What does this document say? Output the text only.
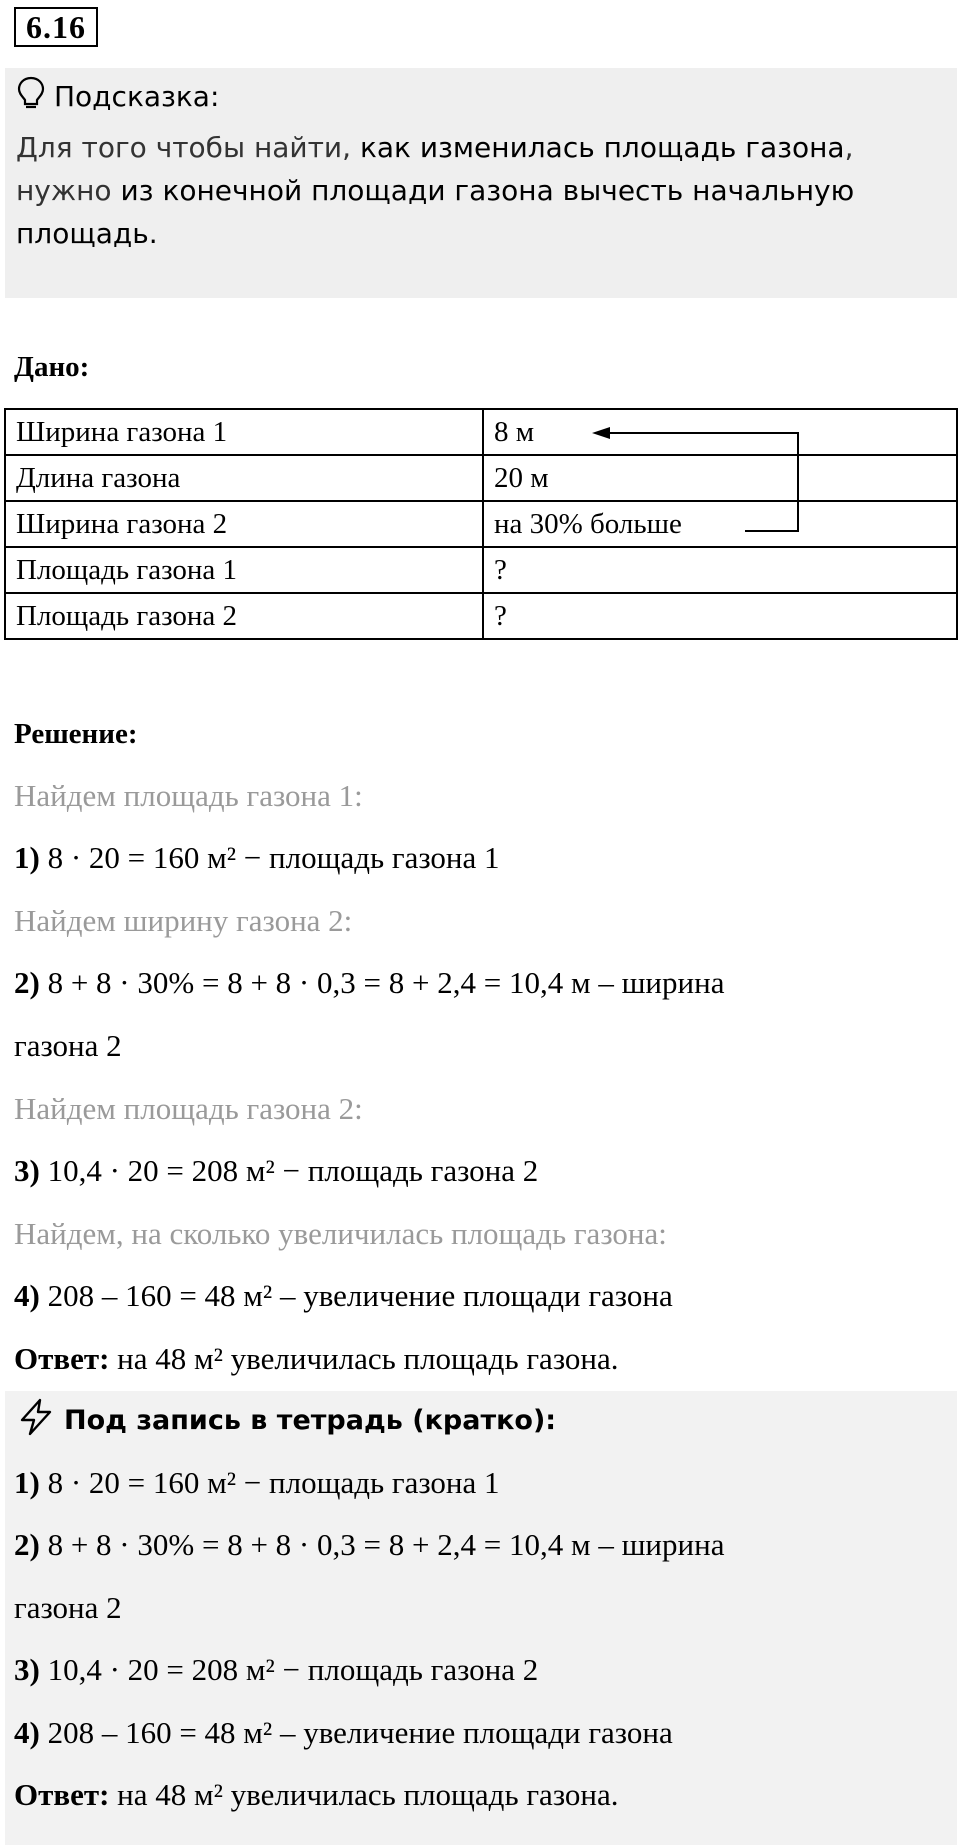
6.16
Подсказка:
Для того чтобы найти, как изменилась площадь газона,
нужно из конечной площади газона вычесть начальную
площадь.
Дано:
Ширина газона 1	8 м
Длина газона	20 м
Ширина газона 2	на 30% больше
Площадь газона 1	?
Площадь газона 2	?
Решение:
Найдем площадь газона 1:
1) 8 · 20 = 160 м² − площадь газона 1
Найдем ширину газона 2:
2) 8 + 8 · 30% = 8 + 8 · 0,3 = 8 + 2,4 = 10,4 м – ширина
газона 2
Найдем площадь газона 2:
3) 10,4 · 20 = 208 м² − площадь газона 2
Найдем, на сколько увеличилась площадь газона:
4) 208 – 160 = 48 м² – увеличение площади газона
Ответ: на 48 м² увеличилась площадь газона.
Под запись в тетрадь (кратко):
1) 8 · 20 = 160 м² − площадь газона 1
2) 8 + 8 · 30% = 8 + 8 · 0,3 = 8 + 2,4 = 10,4 м – ширина
газона 2
3) 10,4 · 20 = 208 м² − площадь газона 2
4) 208 – 160 = 48 м² – увеличение площади газона
Ответ: на 48 м² увеличилась площадь газона.
